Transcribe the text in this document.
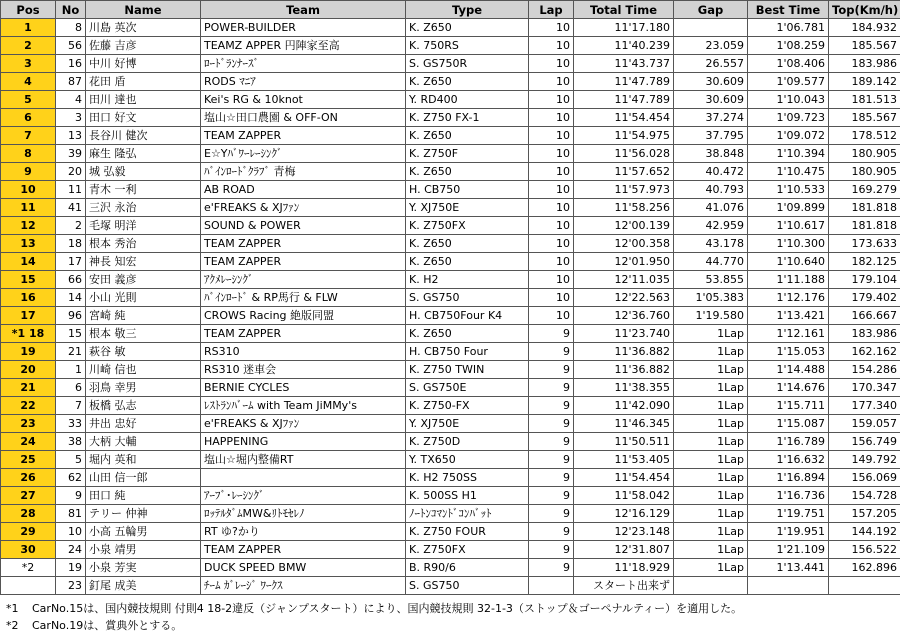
Pos	No	Name	Team	Type	Lap	Total Time	Gap	Best Time	Top(Km/h)
1	8	川島 英次	POWER-BUILDER	K. Z650	10	11'17.180		1'06.781	184.932
2	56	佐藤 吉彦	TEAMZ APPER 円陣家至高	K. 750RS	10	11'40.239	23.059	1'08.259	185.567
3	16	中川 好博	ﾛｰﾄﾞﾗﾝﾅｰｽﾞ	S. GS750R	10	11'43.737	26.557	1'08.406	183.986
4	87	花田 盾	RODS ﾏﾆｱ	K. Z650	10	11'47.789	30.609	1'09.577	189.142
5	4	田川 達也	Kei's RG & 10knot	Y. RD400	10	11'47.789	30.609	1'10.043	181.513
6	3	田口 好文	塩山☆田口農園 & OFF-ON	K. Z750 FX-1	10	11'54.454	37.274	1'09.723	185.567
7	13	長谷川 健次	TEAM ZAPPER	K. Z650	10	11'54.975	37.795	1'09.072	178.512
8	39	麻生 隆弘	E☆Yﾊﾞﾜｰﾚｰｼﾝｸﾞ	K. Z750F	10	11'56.028	38.848	1'10.394	180.905
9	20	城 弘毅	ﾊﾞｲﾝﾛｰﾄﾞｸﾗﾌﾞ 青梅	K. Z650	10	11'57.652	40.472	1'10.475	180.905
10	11	青木 一利	AB ROAD	H. CB750	10	11'57.973	40.793	1'10.533	169.279
11	41	三沢 永治	e'FREAKS & XJﾌｧﾝ	Y. XJ750E	10	11'58.256	41.076	1'09.899	181.818
12	2	毛塚 明洋	SOUND & POWER	K. Z750FX	10	12'00.139	42.959	1'10.617	181.818
13	18	根本 秀治	TEAM ZAPPER	K. Z650	10	12'00.358	43.178	1'10.300	173.633
14	17	神長 知宏	TEAM ZAPPER	K. Z650	10	12'01.950	44.770	1'10.640	182.125
15	66	安田 義彦	ｱｸﾒﾚｰｼﾝｸﾞ	K. H2	10	12'11.035	53.855	1'11.188	179.104
16	14	小山 光則	ﾊﾞｲﾝﾛｰﾄﾞ & RP馬行 & FLW	S. GS750	10	12'22.563	1'05.383	1'12.176	179.402
17	96	宮崎 純	CROWS Racing 絶版同盟	H. CB750Four K4	10	12'36.760	1'19.580	1'13.421	166.667
*1 18	15	根本 敬三	TEAM ZAPPER	K. Z650	9	11'23.740	1Lap	1'12.161	183.986
19	21	萩谷 敏	RS310	H. CB750 Four	9	11'36.882	1Lap	1'15.053	162.162
20	1	川崎 信也	RS310 迷車会	K. Z750 TWIN	9	11'36.882	1Lap	1'14.488	154.286
21	6	羽鳥 幸男	BERNIE CYCLES	S. GS750E	9	11'38.355	1Lap	1'14.676	170.347
22	7	板橋 弘志	ﾚｽﾄﾗﾝﾊﾞｰﾑ with Team JiMMy's	K. Z750-FX	9	11'42.090	1Lap	1'15.711	177.340
23	33	井出 忠好	e'FREAKS & XJﾌｧﾝ	Y. XJ750E	9	11'46.345	1Lap	1'15.087	159.057
24	38	大柄 大輔	HAPPENING	K. Z750D	9	11'50.511	1Lap	1'16.789	156.749
25	5	堀内 英和	塩山☆堀内整備RT	Y. TX650	9	11'53.405	1Lap	1'16.632	149.792
26	62	山田 信一郎		K. H2 750SS	9	11'54.454	1Lap	1'16.894	156.069
27	9	田口 純	ｱｰﾌﾞ･ﾚｰｼﾝｸﾞ	K. 500SS H1	9	11'58.042	1Lap	1'16.736	154.728
28	81	テリー 仲神	ﾛｯﾃﾙﾀﾞﾑMW&ﾘﾄﾓｾﾚﾉ	ﾉｰﾄﾝｺﾏﾝﾄﾞｺﾝﾊﾞｯﾄ	9	12'16.129	1Lap	1'19.751	157.205
29	10	小高 五輪男	RT ゆ?かり	K. Z750 FOUR	9	12'23.148	1Lap	1'19.951	144.192
30	24	小泉 靖男	TEAM ZAPPER	K. Z750FX	9	12'31.807	1Lap	1'21.109	156.522
*2	19	小泉 芳実	DUCK SPEED BMW	B. R90/6	9	11'18.929	1Lap	1'13.441	162.896
	23	釘尾 成美	ﾁｰﾑ ｶﾞﾚｰｼﾞ ﾜｰｸｽ	S. GS750		スタート出来ず			
*1 CarNo.15は、国内競技規則 付則4 18-2違反（ジャンプスタート）により、国内競技規則 32-1-3（ストップ＆ゴーペナルティー）を適用した。
*2 CarNo.19は、賞典外とする。
